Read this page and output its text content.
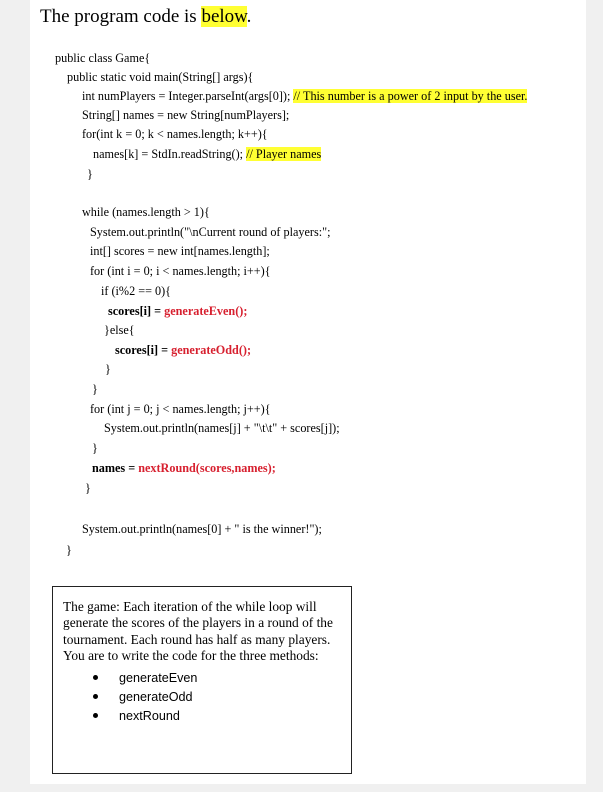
The program code is below.
public class Game{
public static void main(String[] args){
int numPlayers = Integer.parseInt(args[0]); // This number is a power of 2 input by the user.
String[] names = new String[numPlayers];
for(int k = 0; k < names.length; k++){
names[k] = StdIn.readString(); // Player names
}
while (names.length > 1){
System.out.println("\nCurrent round of players:";
int[] scores = new int[names.length];
for (int i = 0; i < names.length; i++){
if (i%2 == 0){
scores[i] = generateEven();
}else{
scores[i] = generateOdd();
}
}
for (int j = 0; j < names.length; j++){
System.out.println(names[j] + "\t\t" + scores[j]);
}
names = nextRound(scores,names);
}
System.out.println(names[0] + " is the winner!");
}
The game: Each iteration of the while loop will generate the scores of the players in a round of the tournament. Each round has half as many players. You are to write the code for the three methods:
generateEven
generateOdd
nextRound
